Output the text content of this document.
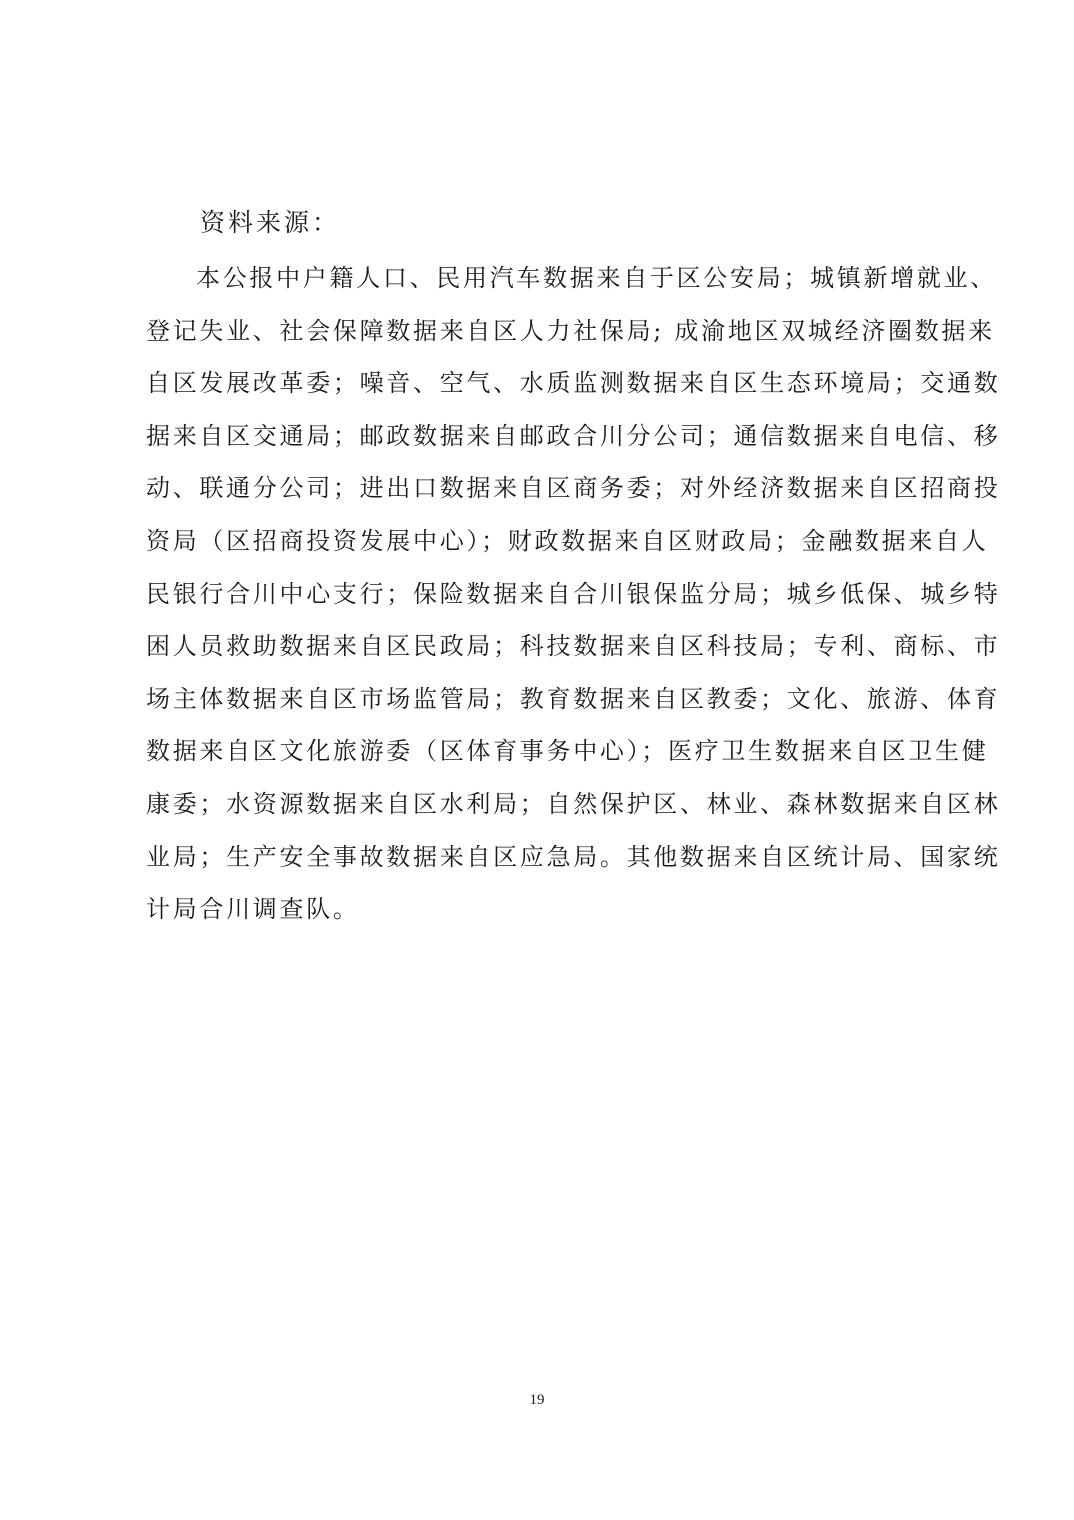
资料来源：
本公报中户籍人口、民用汽车数据来自于区公安局；城镇新增就业、
登记失业、社会保障数据来自区人力社保局; 成渝地区双城经济圈数据来
自区发展改革委；噪音、空气、水质监测数据来自区生态环境局；交通数
据来自区交通局；邮政数据来自邮政合川分公司；通信数据来自电信、移
动、联通分公司；进出口数据来自区商务委；对外经济数据来自区招商投
资局（区招商投资发展中心）；财政数据来自区财政局；金融数据来自人
民银行合川中心支行；保险数据来自合川银保监分局；城乡低保、城乡特
困人员救助数据来自区民政局；科技数据来自区科技局；专利、商标、市
场主体数据来自区市场监管局；教育数据来自区教委；文化、旅游、体育
数据来自区文化旅游委（区体育事务中心）；医疗卫生数据来自区卫生健
康委；水资源数据来自区水利局；自然保护区、林业、森林数据来自区林
业局；生产安全事故数据来自区应急局。其他数据来自区统计局、国家统
计局合川调查队。
19
